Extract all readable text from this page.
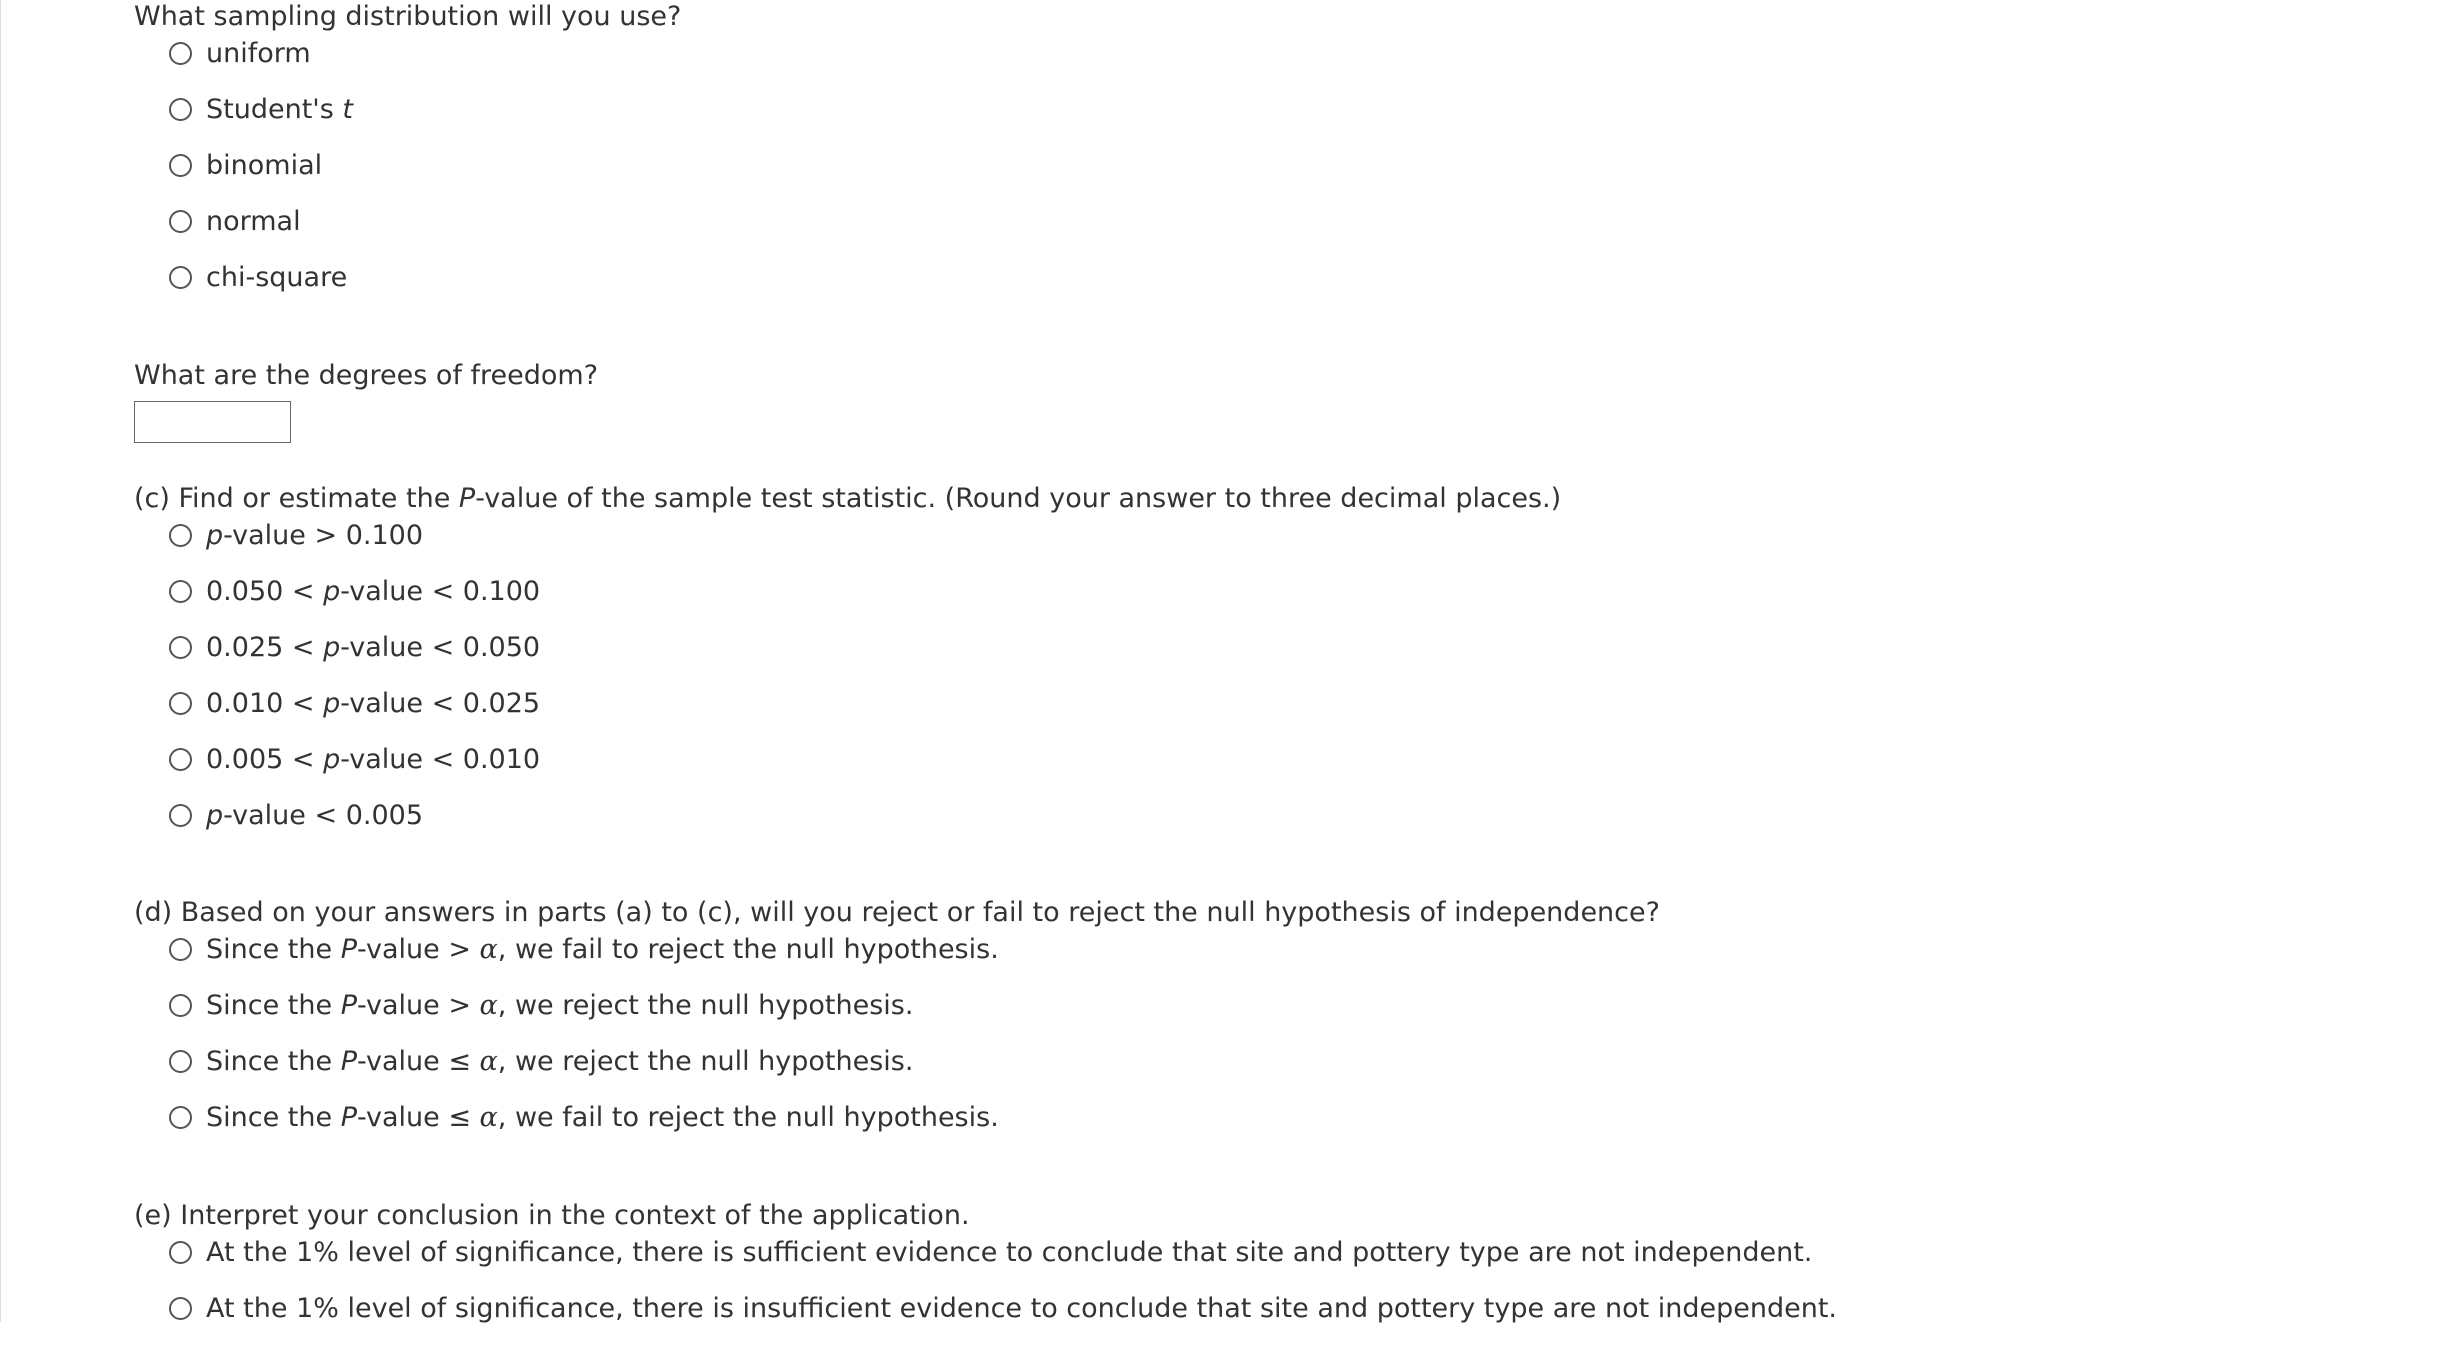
What sampling distribution will you use?
uniform
Student's t
binomial
normal
chi-square
What are the degrees of freedom?
(c) Find or estimate the P-value of the sample test statistic. (Round your answer to three decimal places.)
p-value > 0.100
0.050 < p-value < 0.100
0.025 < p-value < 0.050
0.010 < p-value < 0.025
0.005 < p-value < 0.010
p-value < 0.005
(d) Based on your answers in parts (a) to (c), will you reject or fail to reject the null hypothesis of independence?
Since the P-value > α, we fail to reject the null hypothesis.
Since the P-value > α, we reject the null hypothesis.
Since the P-value ≤ α, we reject the null hypothesis.
Since the P-value ≤ α, we fail to reject the null hypothesis.
(e) Interpret your conclusion in the context of the application.
At the 1% level of significance, there is sufficient evidence to conclude that site and pottery type are not independent.
At the 1% level of significance, there is insufficient evidence to conclude that site and pottery type are not independent.
